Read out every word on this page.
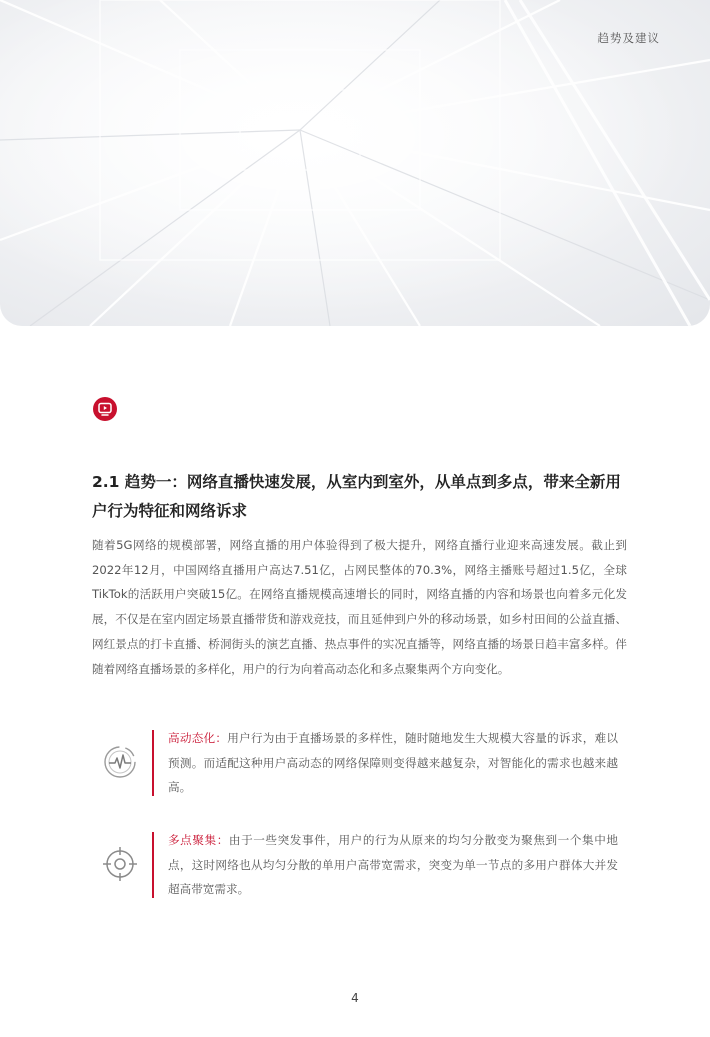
趋势及建议
2.1 趋势一：网络直播快速发展，从室内到室外，从单点到多点，带来全新用户行为特征和网络诉求

随着5G网络的规模部署，网络直播的用户体验得到了极大提升，网络直播行业迎来高速发展。截止到2022年12月，中国网络直播用户高达7.51亿，占网民整体的70.3%，网络主播账号超过1.5亿，全球TikTok的活跃用户突破15亿。在网络直播规模高速增长的同时，网络直播的内容和场景也向着多元化发展，不仅是在室内固定场景直播带货和游戏竞技，而且延伸到户外的移动场景，如乡村田间的公益直播、网红景点的打卡直播、桥洞街头的演艺直播、热点事件的实况直播等，网络直播的场景日趋丰富多样。伴随着网络直播场景的多样化，用户的行为向着高动态化和多点聚集两个方向变化。

高动态化：用户行为由于直播场景的多样性，随时随地发生大规模大容量的诉求，难以预测。而适配这种用户高动态的网络保障则变得越来越复杂，对智能化的需求也越来越高。

多点聚集：由于一些突发事件，用户的行为从原来的均匀分散变为聚焦到一个集中地点，这时网络也从均匀分散的单用户高带宽需求，突变为单一节点的多用户群体大并发超高带宽需求。

4
